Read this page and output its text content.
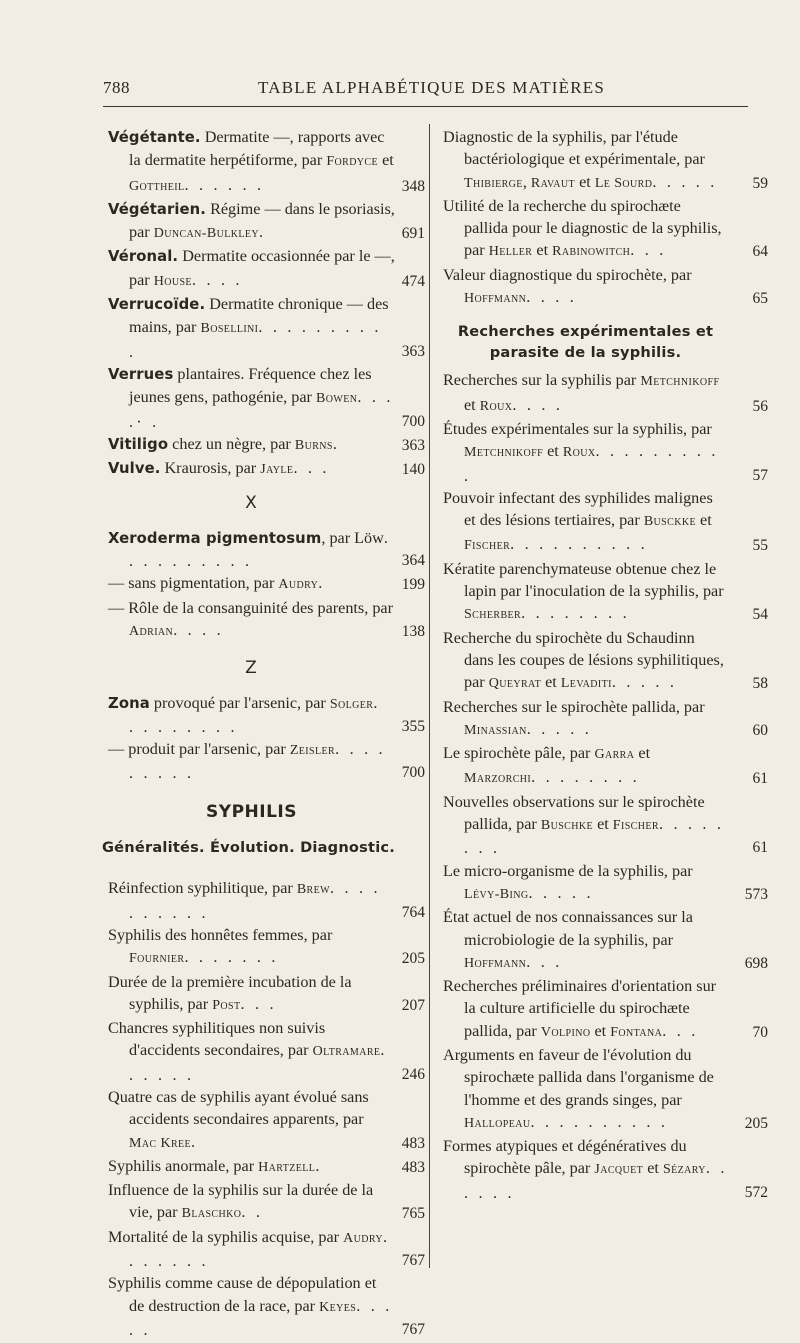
788	TABLE ALPHABÉTIQUE DES MATIÈRES

Végétante. Dermatite —, rapports avec la dermatite herpétiforme, par Fordyce et Gottheil. . . . . .	348

Végétarien. Régime — dans le psoriasis, par Duncan-Bulkley.	691

Véronal. Dermatite occasionnée par le —, par House. . . .	474

Verrucoïde. Dermatite chronique — des mains, par Bosellini. . . . . . . . . .	363

Verrues plantaires. Fréquence chez les jeunes gens, pathogénie, par Bowen. . . .· .	700

Vitiligo chez un nègre, par Burns.	363

Vulve. Kraurosis, par Jayle. . .	140

X

Xeroderma pigmentosum, par Löw. . . . . . . . . .	364

— sans pigmentation, par Audry.	199

— Rôle de la consanguinité des parents, par Adrian. . . .	138

Z

Zona provoqué par l'arsenic, par Solger. . . . . . . . .	355

— produit par l'arsenic, par Zeisler. . . . . . . . .	700

SYPHILIS
Généralités. Évolution. Diagnostic.

Réinfection syphilitique, par Brew. . . . . . . . . .	764

Syphilis des honnêtes femmes, par Fournier. . . . . . .	205

Durée de la première incubation de la syphilis, par Post. . .	207

Chancres syphilitiques non suivis d'accidents secondaires, par Oltramare. . . . . .	246

Quatre cas de syphilis ayant évolué sans accidents secondaires apparents, par Mac Kree.	483

Syphilis anormale, par Hartzell.	483

Influence de la syphilis sur la durée de la vie, par Blaschko. .	765

Mortalité de la syphilis acquise, par Audry. . . . . . .	767

Syphilis comme cause de dépopulation et de destruction de la race, par Keyes. . . . .	767

Diagnostic de la syphilis, par l'étude bactériologique et expérimentale, par Thibierge, Ravaut et Le Sourd. . . . . 59

Utilité de la recherche du spirochæte pallida pour le diagnostic de la syphilis, par Heller et Rabinowitch. . .	64

Valeur diagnostique du spirochète, par Hoffmann. . . .	65

Recherches expérimentales et parasite de la syphilis.

Recherches sur la syphilis par Metchnikoff et Roux. . . .	56

Études expérimentales sur la syphilis, par Metchnikoff et Roux. . . . . . . . . .	57

Pouvoir infectant des syphilides malignes et des lésions tertiaires, par Busckke et Fischer. . . . . . . . . .	55

Kératite parenchymateuse obtenue chez le lapin par l'inoculation de la syphilis, par Scherber. . . . . . . .	54

Recherche du spirochète du Schaudinn dans les coupes de lésions syphilitiques, par Queyrat et Levaditi. . . . .	58

Recherches sur le spirochète pallida, par Minassian. . . . .	60

Le spirochète pâle, par Garra et Marzorchi. . . . . . . .	61

Nouvelles observations sur le spirochète pallida, par Buschke et Fischer. . . . . . . .	61

Le micro-organisme de la syphilis, par Lévy-Bing. . . . .	573

État actuel de nos connaissances sur la microbiologie de la syphilis, par Hoffmann. . .	698

Recherches préliminaires d'orientation sur la culture artificielle du spirochæte pallida, par Volpino et Fontana. . .	70

Arguments en faveur de l'évolution du spirochæte pallida dans l'organisme de l'homme et des grands singes, par Hallopeau. . . . . . . . . .	205

Formes atypiques et dégénératives du spirochète pâle, par Jacquet et Sézary. . . . . .	572
